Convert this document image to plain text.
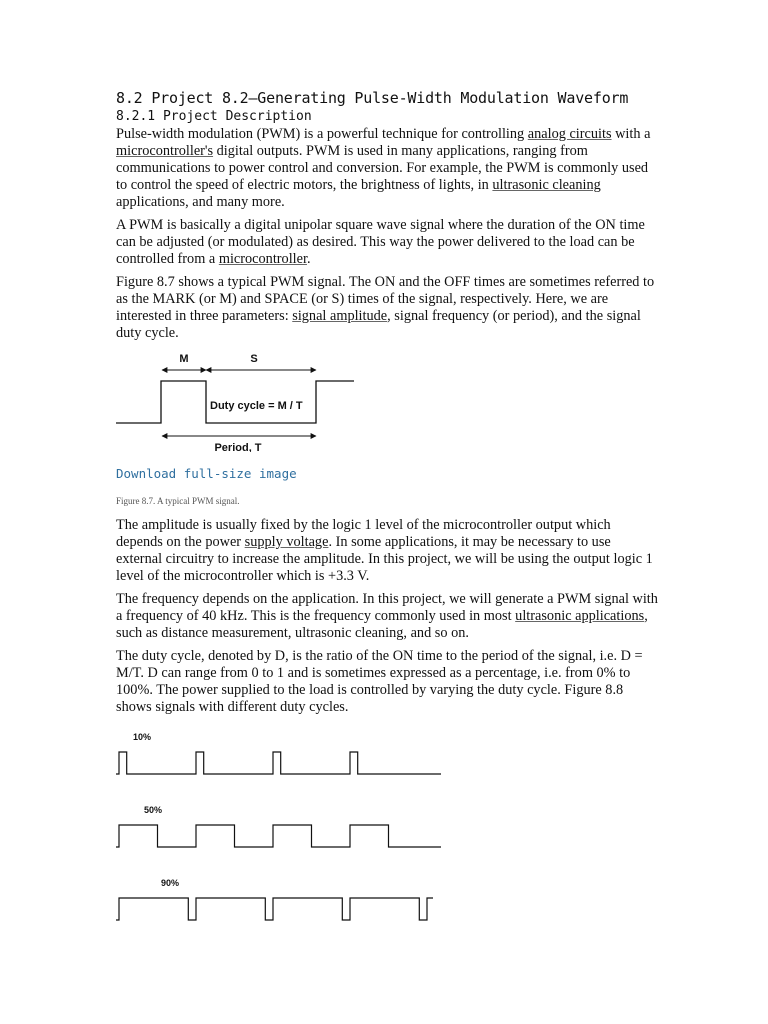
8.2 Project 8.2—Generating Pulse-Width Modulation Waveform
8.2.1 Project Description

Pulse-width modulation (PWM) is a powerful technique for controlling analog circuits with a microcontroller's digital outputs. PWM is used in many applications, ranging from communications to power control and conversion. For example, the PWM is commonly used to control the speed of electric motors, the brightness of lights, in ultrasonic cleaning applications, and many more.

A PWM is basically a digital unipolar square wave signal where the duration of the ON time can be adjusted (or modulated) as desired. This way the power delivered to the load can be controlled from a microcontroller.

Figure 8.7 shows a typical PWM signal. The ON and the OFF times are sometimes referred to as the MARK (or M) and SPACE (or S) times of the signal, respectively. Here, we are interested in three parameters: signal amplitude, signal frequency (or period), and the signal duty cycle.

M	S
Duty cycle = M / T
Period, T
Download full-size image
Figure 8.7. A typical PWM signal.

The amplitude is usually fixed by the logic 1 level of the microcontroller output which depends on the power supply voltage. In some applications, it may be necessary to use external circuitry to increase the amplitude. In this project, we will be using the output logic 1 level of the microcontroller which is +3.3 V.

The frequency depends on the application. In this project, we will generate a PWM signal with a frequency of 40 kHz. This is the frequency commonly used in most ultrasonic applications, such as distance measurement, ultrasonic cleaning, and so on.

The duty cycle, denoted by D, is the ratio of the ON time to the period of the signal, i.e. D = M/T. D can range from 0 to 1 and is sometimes expressed as a percentage, i.e. from 0% to 100%. The power supplied to the load is controlled by varying the duty cycle. Figure 8.8 shows signals with different duty cycles.

10%
50%
90%
